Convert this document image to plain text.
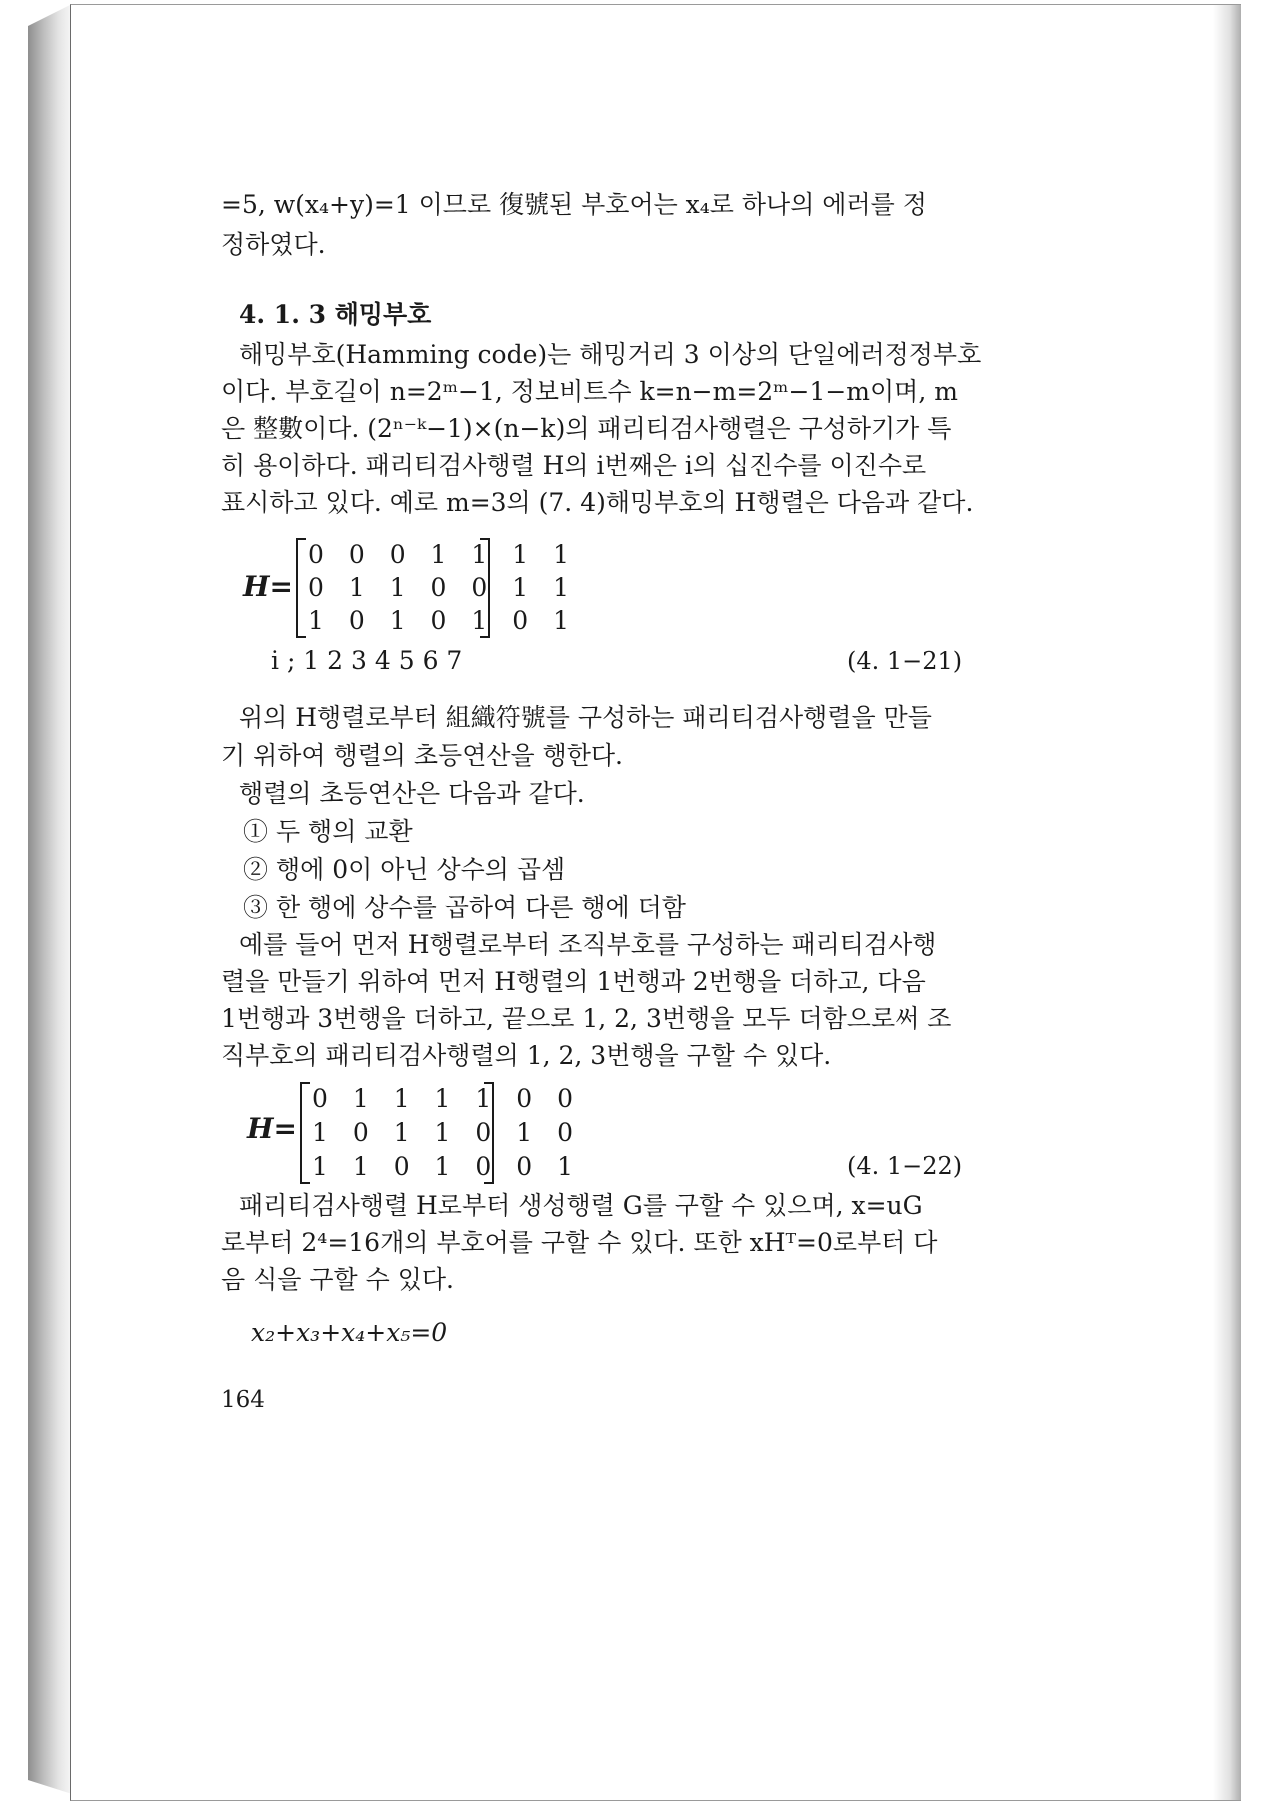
=5, w(x₄+y)=1 이므로 復號된 부호어는 x₄로 하나의 에러를 정
정하였다.
4. 1. 3 해밍부호
해밍부호(Hamming code)는 해밍거리 3 이상의 단일에러정정부호
이다. 부호길이 n=2ᵐ−1, 정보비트수 k=n−m=2ᵐ−1−m이며, m
은 整數이다. (2ⁿ⁻ᵏ−1)×(n−k)의 패리티검사행렬은 구성하기가 특
히 용이하다. 패리티검사행렬 H의 i번째은 i의 십진수를 이진수로
표시하고 있다. 예로 m=3의 (7. 4)해밍부호의 H행렬은 다음과 같다.
H=
0 0 0 1 1 1 1
0 1 1 0 0 1 1
1 0 1 0 1 0 1
i ; 1 2 3 4 5 6 7	(4. 1−21)
위의 H행렬로부터 組織符號를 구성하는 패리티검사행렬을 만들
기 위하여 행렬의 초등연산을 행한다.
행렬의 초등연산은 다음과 같다.
① 두 행의 교환
② 행에 0이 아닌 상수의 곱셈
③ 한 행에 상수를 곱하여 다른 행에 더함
예를 들어 먼저 H행렬로부터 조직부호를 구성하는 패리티검사행
렬을 만들기 위하여 먼저 H행렬의 1번행과 2번행을 더하고, 다음
1번행과 3번행을 더하고, 끝으로 1, 2, 3번행을 모두 더함으로써 조
직부호의 패리티검사행렬의 1, 2, 3번행을 구할 수 있다.
H=
0 1 1 1 1 0 0
1 0 1 1 0 1 0
1 1 0 1 0 0 1	(4. 1−22)
패리티검사행렬 H로부터 생성행렬 G를 구할 수 있으며, x=uG
로부터 2⁴=16개의 부호어를 구할 수 있다. 또한 xHᵀ=0로부터 다
음 식을 구할 수 있다.
x₂+x₃+x₄+x₅=0
164
